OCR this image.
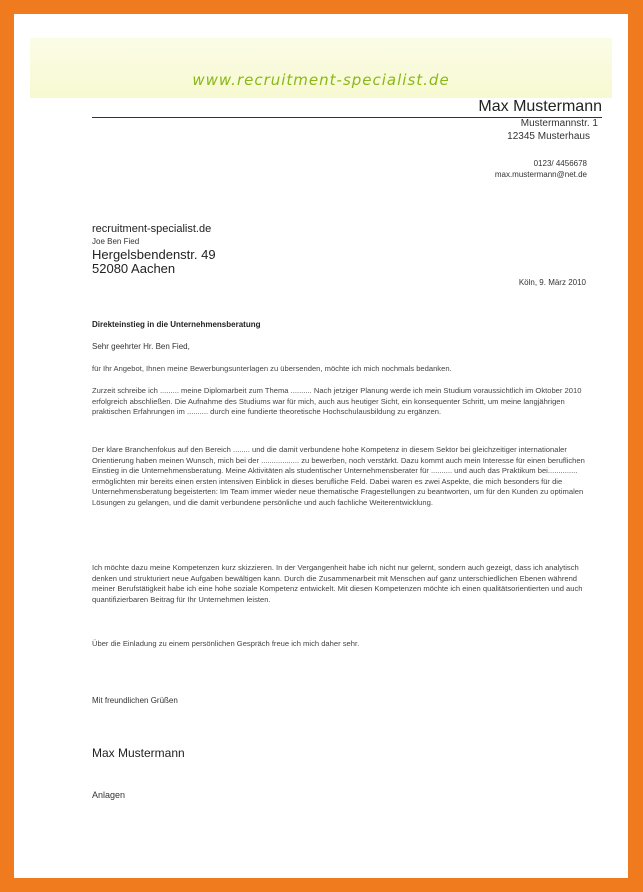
www.recruitment-specialist.de
Max Mustermann
Mustermannstr. 1
12345 Musterhaus
0123/ 4456678
max.mustermann@net.de
recruitment-specialist.de
Joe Ben Fied
Hergelsbendenstr. 49
52080 Aachen
Köln, 9. März 2010
Direkteinstieg in die Unternehmensberatung
Sehr geehrter Hr. Ben Fied,

für Ihr Angebot, Ihnen meine Bewerbungsunterlagen zu übersenden, möchte ich mich nochmals bedanken.

Zurzeit schreibe ich ......... meine Diplomarbeit zum Thema .......... Nach jetziger Planung werde ich mein Studium voraussichtlich im Oktober 2010 erfolgreich abschließen. Die Aufnahme des Studiums war für mich, auch aus heutiger Sicht, ein konsequenter Schritt, um meine langjährigen praktischen Erfahrungen im .......... durch eine fundierte theoretische Hochschulausbildung zu ergänzen.

Der klare Branchenfokus auf den Bereich ........ und die damit verbundene hohe Kompetenz in diesem Sektor bei gleichzeitiger internationaler Orientierung haben meinen Wunsch, mich bei der .................. zu bewerben, noch verstärkt. Dazu kommt auch mein Interesse für einen beruflichen Einstieg in die Unternehmensberatung. Meine Aktivitäten als studentischer Unternehmensberater für .......... und auch das Praktikum bei.............. ermöglichten mir bereits einen ersten intensiven Einblick in dieses berufliche Feld. Dabei waren es zwei Aspekte, die mich besonders für die Unternehmensberatung begeisterten: Im Team immer wieder neue thematische Fragestellungen zu beantworten, um für den Kunden zu optimalen Lösungen zu gelangen, und die damit verbundene persönliche und auch fachliche Weiterentwicklung.

Ich möchte dazu meine Kompetenzen kurz skizzieren. In der Vergangenheit habe ich nicht nur gelernt, sondern auch gezeigt, dass ich analytisch denken und strukturiert neue Aufgaben bewältigen kann. Durch die Zusammenarbeit mit Menschen auf ganz unterschiedlichen Ebenen während meiner Berufstätigkeit habe ich eine hohe soziale Kompetenz entwickelt. Mit diesen Kompetenzen möchte ich einen qualitätsorientierten und auch quantifizierbaren Beitrag für Ihr Unternehmen leisten.

Über die Einladung zu einem persönlichen Gespräch freue ich mich daher sehr.

Mit freundlichen Grüßen
Max Mustermann
Anlagen
